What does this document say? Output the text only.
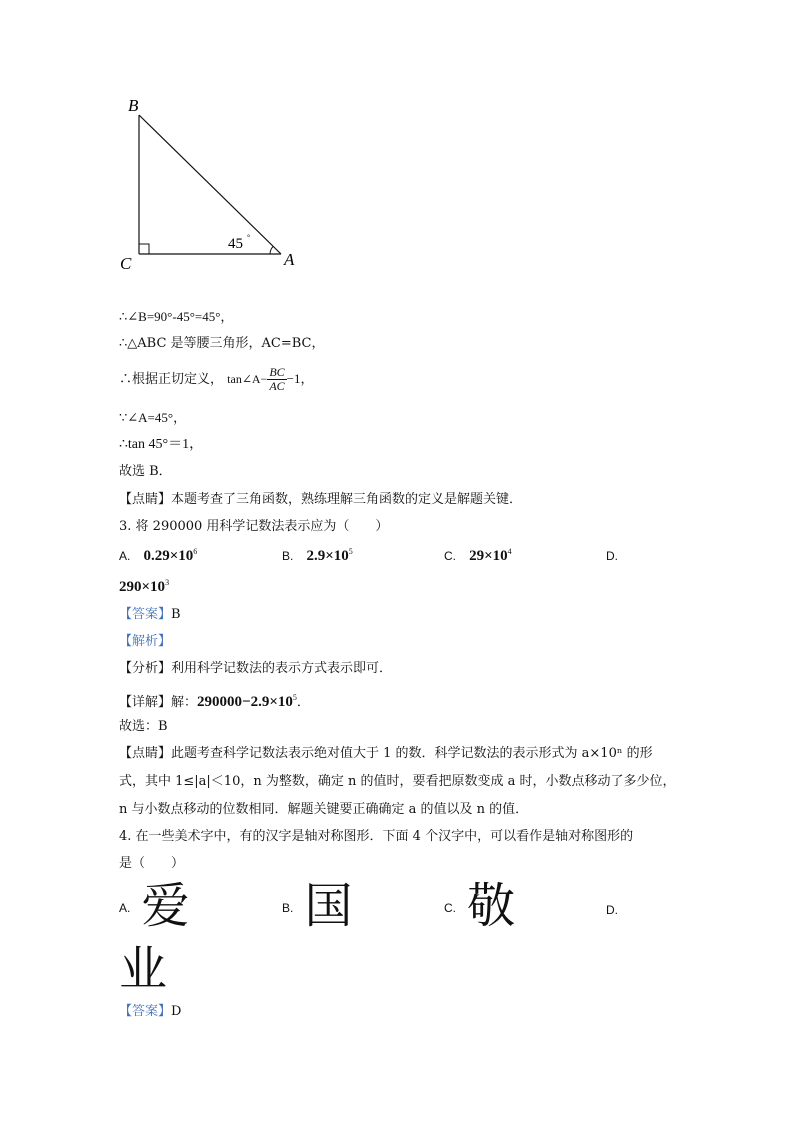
B
C	A
45 °
∴∠B=90°-45°=45°，
∴△ABC 是等腰三角形，AC=BC，
∴根据正切定义， tan∠A− $\frac{BC}{AC} -1$，
∵∠A=45°，
∴tan 45°＝1，
故选 B．
【点睛】本题考查了三角函数，熟练理解三角函数的定义是解题关键．
3. 将 290000 用科学记数法表示应为（　　）
A. $0.29\times 10^6$	B. $2.9\times 10^5$	C. $29\times 10^4$	D.
$290\times 10^3$
【答案】B
【解析】
【分析】利用科学记数法的表示方式表示即可．
【详解】解：$290000-2.9\times 10^5$．
故选：B
【点睛】此题考查科学记数法表示绝对值大于 1 的数．科学记数法的表示形式为 a×10ⁿ 的形
式，其中 1≤|a|＜10，n 为整数，确定 n 的值时，要看把原数变成 a 时，小数点移动了多少位，
n 与小数点移动的位数相同．解题关键要正确确定 a 的值以及 n 的值．
4. 在一些美术字中，有的汉字是轴对称图形．下面 4 个汉字中，可以看作是轴对称图形的
是（　　）
$^{A.}$ 爱	$^{B.}$ 国	$^{C.}$ 敬	D.
业
【答案】D
